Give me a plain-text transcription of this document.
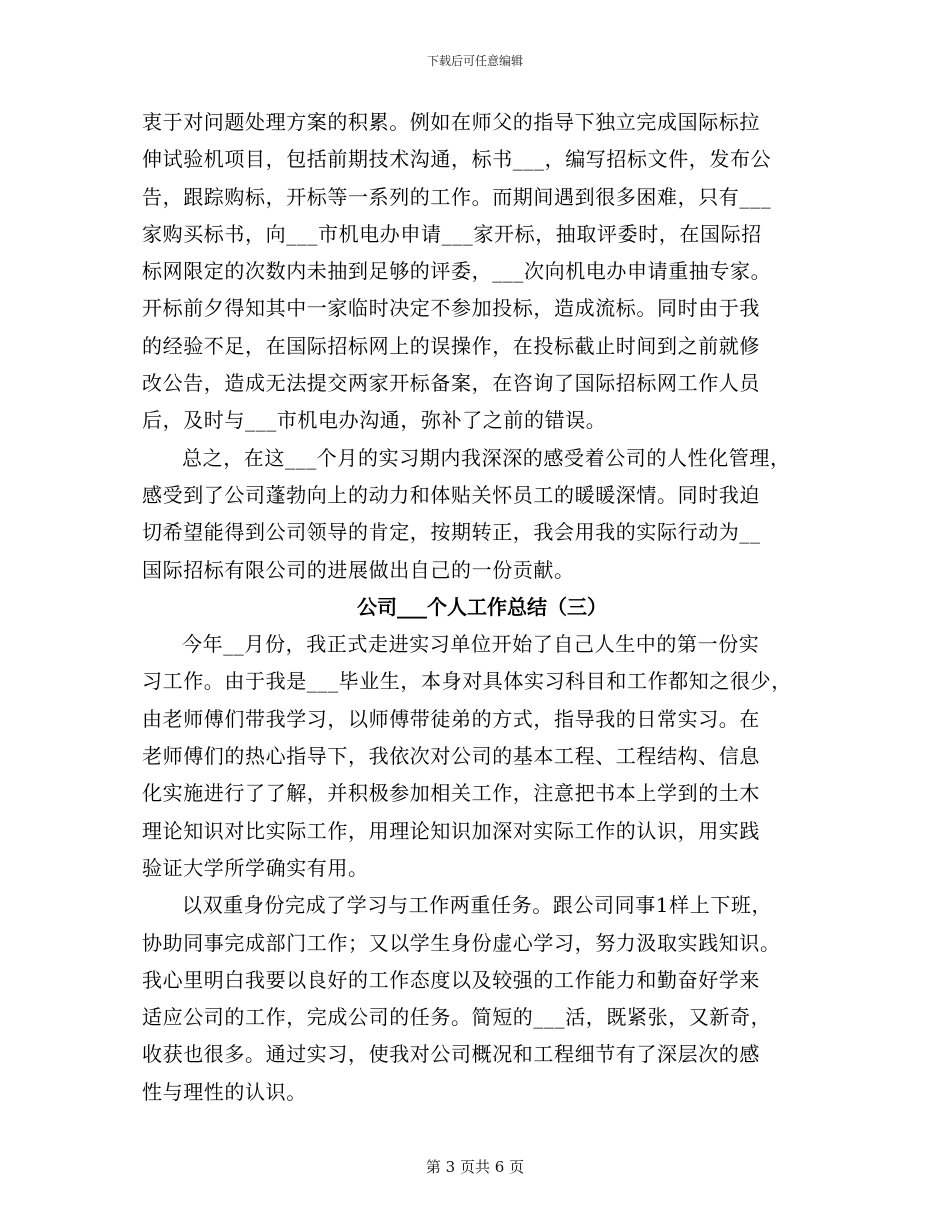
下载后可任意编辑
衷于对问题处理方案的积累。例如在师父的指导下独立完成国际标拉
伸试验机项目，包括前期技术沟通，标书___，编写招标文件，发布公
告，跟踪购标，开标等一系列的工作。而期间遇到很多困难，只有___
家购买标书，向___市机电办申请___家开标，抽取评委时，在国际招
标网限定的次数内未抽到足够的评委，___次向机电办申请重抽专家。
开标前夕得知其中一家临时决定不参加投标，造成流标。同时由于我
的经验不足，在国际招标网上的误操作，在投标截止时间到之前就修
改公告，造成无法提交两家开标备案，在咨询了国际招标网工作人员
后，及时与___市机电办沟通，弥补了之前的错误。
总之，在这___个月的实习期内我深深的感受着公司的人性化管理，
感受到了公司蓬勃向上的动力和体贴关怀员工的暖暖深情。同时我迫
切希望能得到公司领导的肯定，按期转正，我会用我的实际行动为__
国际招标有限公司的进展做出自己的一份贡献。
公司___个人工作总结（三）
今年__月份，我正式走进实习单位开始了自己人生中的第一份实
习工作。由于我是___毕业生，本身对具体实习科目和工作都知之很少，
由老师傅们带我学习，以师傅带徒弟的方式，指导我的日常实习。在
老师傅们的热心指导下，我依次对公司的基本工程、工程结构、信息
化实施进行了了解，并积极参加相关工作，注意把书本上学到的土木
理论知识对比实际工作，用理论知识加深对实际工作的认识，用实践
验证大学所学确实有用。
以双重身份完成了学习与工作两重任务。跟公司同事1样上下班，
协助同事完成部门工作；又以学生身份虚心学习，努力汲取实践知识。
我心里明白我要以良好的工作态度以及较强的工作能力和勤奋好学来
适应公司的工作，完成公司的任务。简短的___活，既紧张，又新奇，
收获也很多。通过实习，使我对公司概况和工程细节有了深层次的感
性与理性的认识。
第 3 页共 6 页
